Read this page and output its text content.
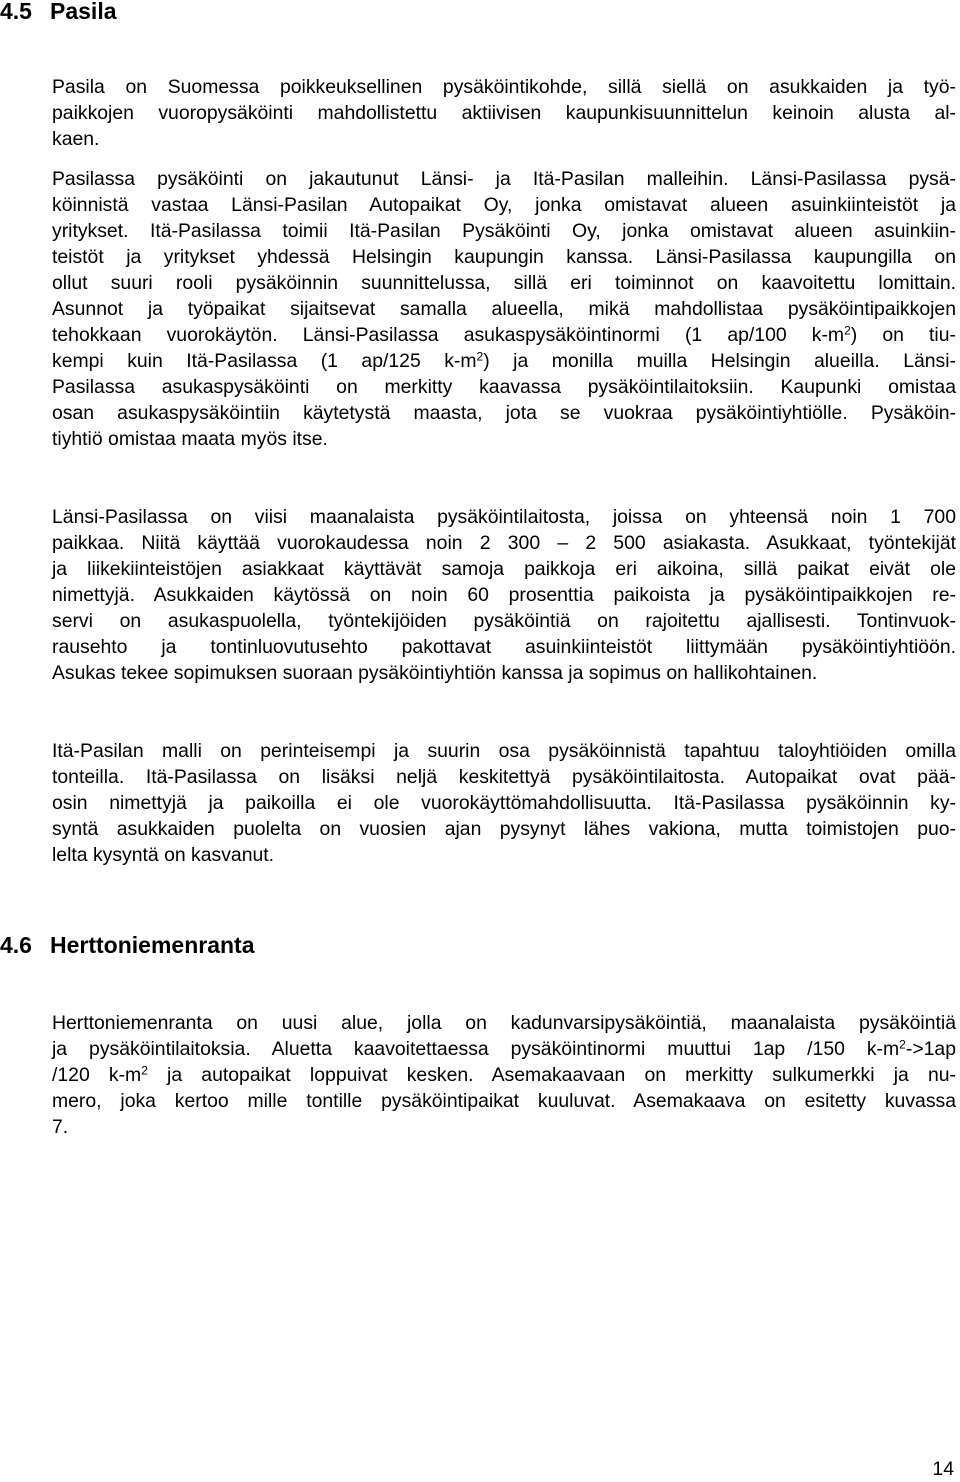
4.5 Pasila
Pasila on Suomessa poikkeuksellinen pysäköintikohde, sillä siellä on asukkaiden ja työ-
paikkojen vuoropysäköinti mahdollistettu aktiivisen kaupunkisuunnittelun keinoin alusta al-
kaen.
Pasilassa pysäköinti on jakautunut Länsi- ja Itä-Pasilan malleihin. Länsi-Pasilassa pysä-
köinnistä vastaa Länsi-Pasilan Autopaikat Oy, jonka omistavat alueen asuinkiinteistöt ja
yritykset. Itä-Pasilassa toimii Itä-Pasilan Pysäköinti Oy, jonka omistavat alueen asuinkiin-
teistöt ja yritykset yhdessä Helsingin kaupungin kanssa. Länsi-Pasilassa kaupungilla on
ollut suuri rooli pysäköinnin suunnittelussa, sillä eri toiminnot on kaavoitettu lomittain.
Asunnot ja työpaikat sijaitsevat samalla alueella, mikä mahdollistaa pysäköintipaikkojen
tehokkaan vuorokäytön. Länsi-Pasilassa asukaspysäköintinormi (1 ap/100 $k-m^2$) on tiu-
kempi kuin Itä-Pasilassa (1 ap/125 $k-m^2$) ja monilla muilla Helsingin alueilla. Länsi-
Pasilassa asukaspysäköinti on merkitty kaavassa pysäköintilaitoksiin. Kaupunki omistaa
osan asukaspysäköintiin käytetystä maasta, jota se vuokraa pysäköintiyhtiölle. Pysäköin-
tiyhtiö omistaa maata myös itse.
Länsi-Pasilassa on viisi maanalaista pysäköintilaitosta, joissa on yhteensä noin 1 700
paikkaa. Niitä käyttää vuorokaudessa noin 2 300 – 2 500 asiakasta. Asukkaat, työntekijät
ja liikekiinteistöjen asiakkaat käyttävät samoja paikkoja eri aikoina, sillä paikat eivät ole
nimettyjä. Asukkaiden käytössä on noin 60 prosenttia paikoista ja pysäköintipaikkojen re-
servi on asukaspuolella, työntekijöiden pysäköintiä on rajoitettu ajallisesti. Tontinvuok-
rausehto ja tontinluovutusehto pakottavat asuinkiinteistöt liittymään pysäköintiyhtiöön.
Asukas tekee sopimuksen suoraan pysäköintiyhtiön kanssa ja sopimus on hallikohtainen.
Itä-Pasilan malli on perinteisempi ja suurin osa pysäköinnistä tapahtuu taloyhtiöiden omilla
tonteilla. Itä-Pasilassa on lisäksi neljä keskitettyä pysäköintilaitosta. Autopaikat ovat pää-
osin nimettyjä ja paikoilla ei ole vuorokäyttömahdollisuutta. Itä-Pasilassa pysäköinnin ky-
syntä asukkaiden puolelta on vuosien ajan pysynyt lähes vakiona, mutta toimistojen puo-
lelta kysyntä on kasvanut.
4.6 Herttoniemenranta
Herttoniemenranta on uusi alue, jolla on kadunvarsipysäköintiä, maanalaista pysäköintiä
ja pysäköintilaitoksia. Aluetta kaavoitettaessa pysäköintinormi muuttui 1ap /150 $k-m^2->1ap$
/120 $k-m^2$ ja autopaikat loppuivat kesken. Asemakaavaan on merkitty sulkumerkki ja nu-
mero, joka kertoo mille tontille pysäköintipaikat kuuluvat. Asemakaava on esitetty kuvassa
7.
14
